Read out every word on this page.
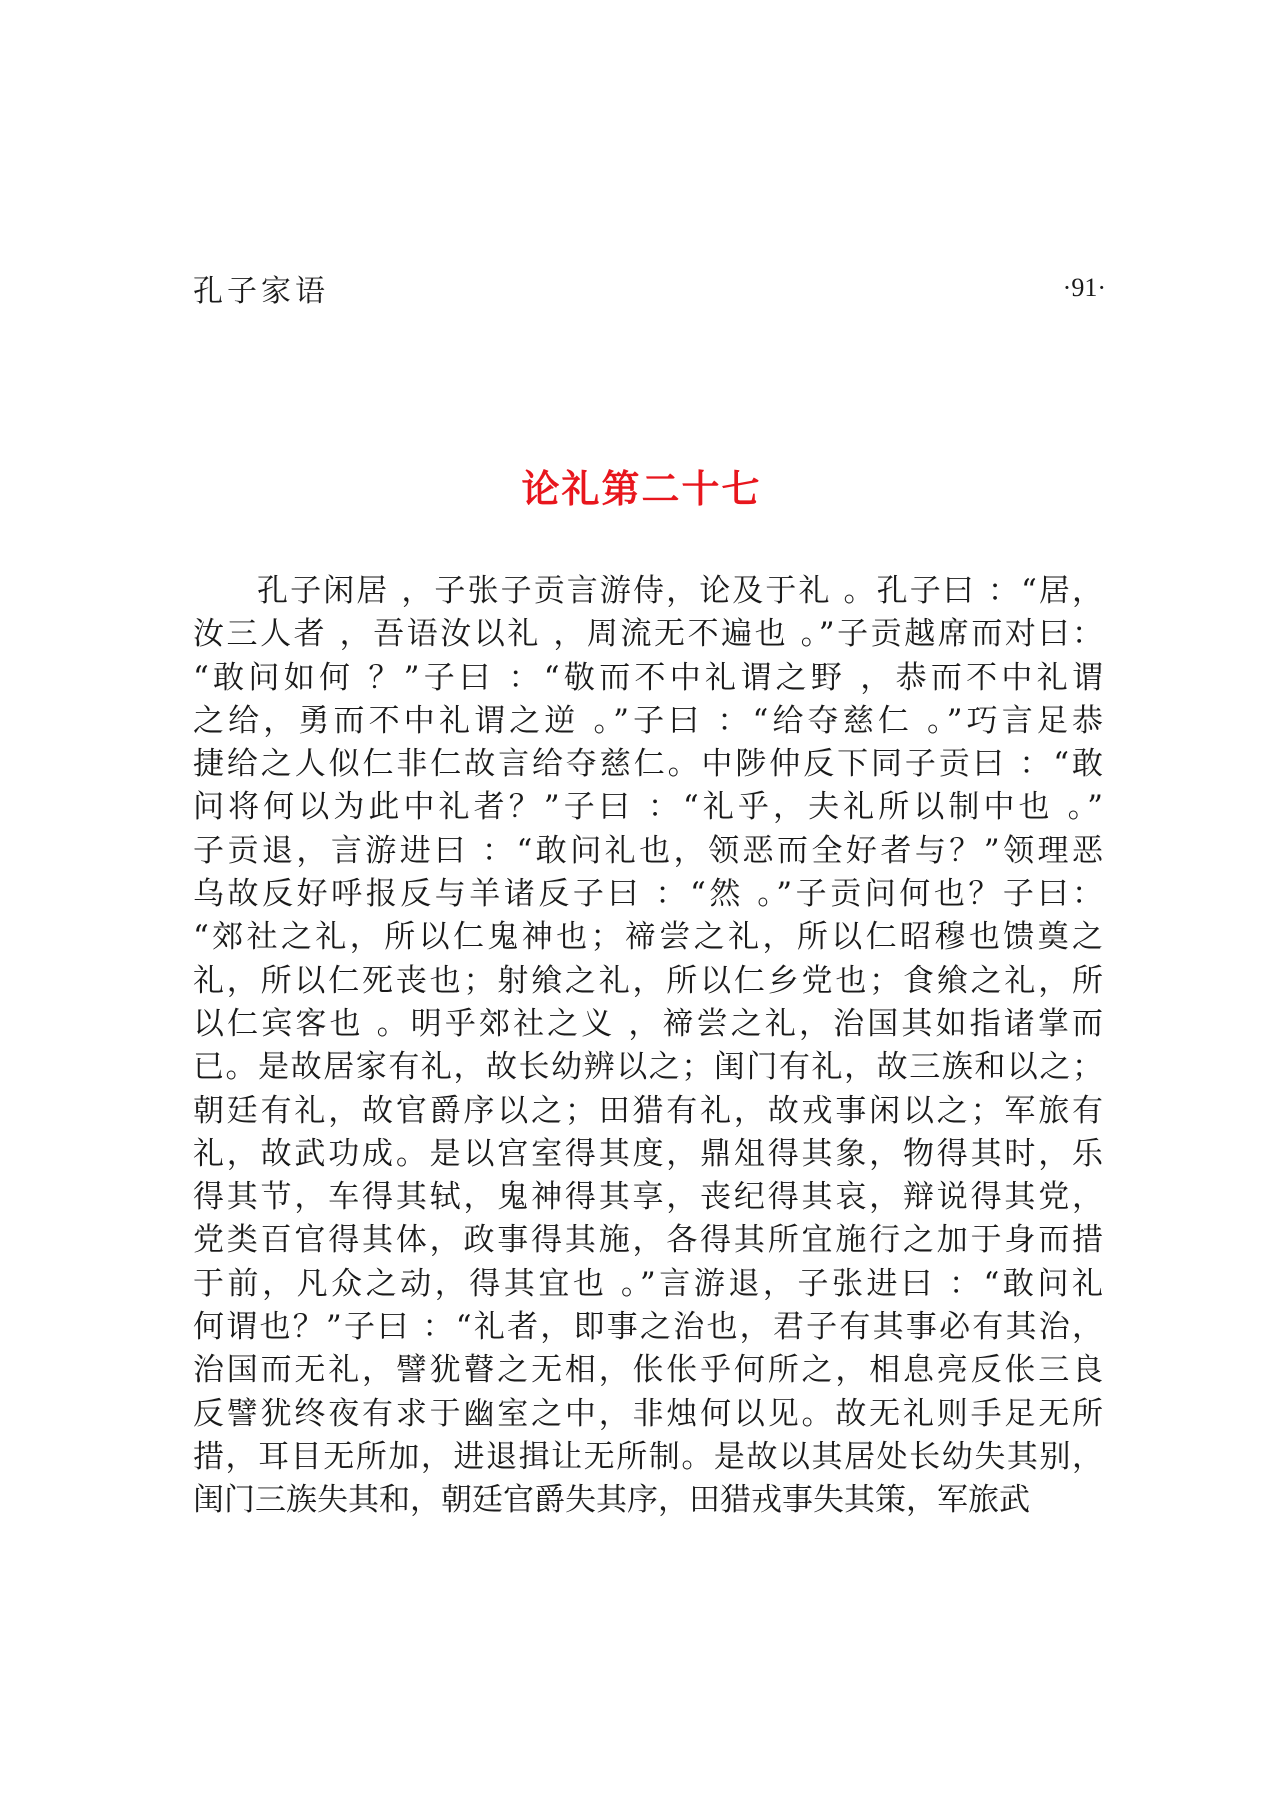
孔子家语	·91·
论礼第二十七
孔子闲居 ，子张子贡言游侍，论及于礼 。孔子曰 ：“居，
汝三人者 ，吾语汝以礼 ，周流无不遍也 。”子贡越席而对曰：
“敢问如何 ？”子曰 ：“敬而不中礼谓之野 ，恭而不中礼谓
之给，勇而不中礼谓之逆 。”子曰 ：“给夺慈仁 。”巧言足恭
捷给之人似仁非仁故言给夺慈仁。中陟仲反下同子贡曰 ：“敢
问将何以为此中礼者？”子曰 ：“礼乎，夫礼所以制中也 。”
子贡退，言游进曰 ：“敢问礼也，领恶而全好者与？”领理恶
乌故反好呼报反与羊诸反子曰 ：“然 。”子贡问何也？子曰：
“郊社之礼，所以仁鬼神也；禘尝之礼，所以仁昭穆也馈奠之
礼，所以仁死丧也；射飨之礼，所以仁乡党也；食飨之礼，所
以仁宾客也 。明乎郊社之义 ，禘尝之礼，治国其如指诸掌而
已。是故居家有礼，故长幼辨以之；闺门有礼，故三族和以之；
朝廷有礼，故官爵序以之；田猎有礼，故戎事闲以之；军旅有
礼，故武功成。是以宫室得其度，鼎俎得其象，物得其时，乐
得其节，车得其轼，鬼神得其享，丧纪得其哀，辩说得其党，
党类百官得其体，政事得其施，各得其所宜施行之加于身而措
于前，凡众之动，得其宜也 。”言游退，子张进曰 ：“敢问礼
何谓也？”子曰 ：“礼者，即事之治也，君子有其事必有其治，
治国而无礼，譬犹瞽之无相，伥伥乎何所之，相息亮反伥三良
反譬犹终夜有求于幽室之中，非烛何以见。故无礼则手足无所
措，耳目无所加，进退揖让无所制。是故以其居处长幼失其别，
闺门三族失其和，朝廷官爵失其序，田猎戎事失其策，军旅武
